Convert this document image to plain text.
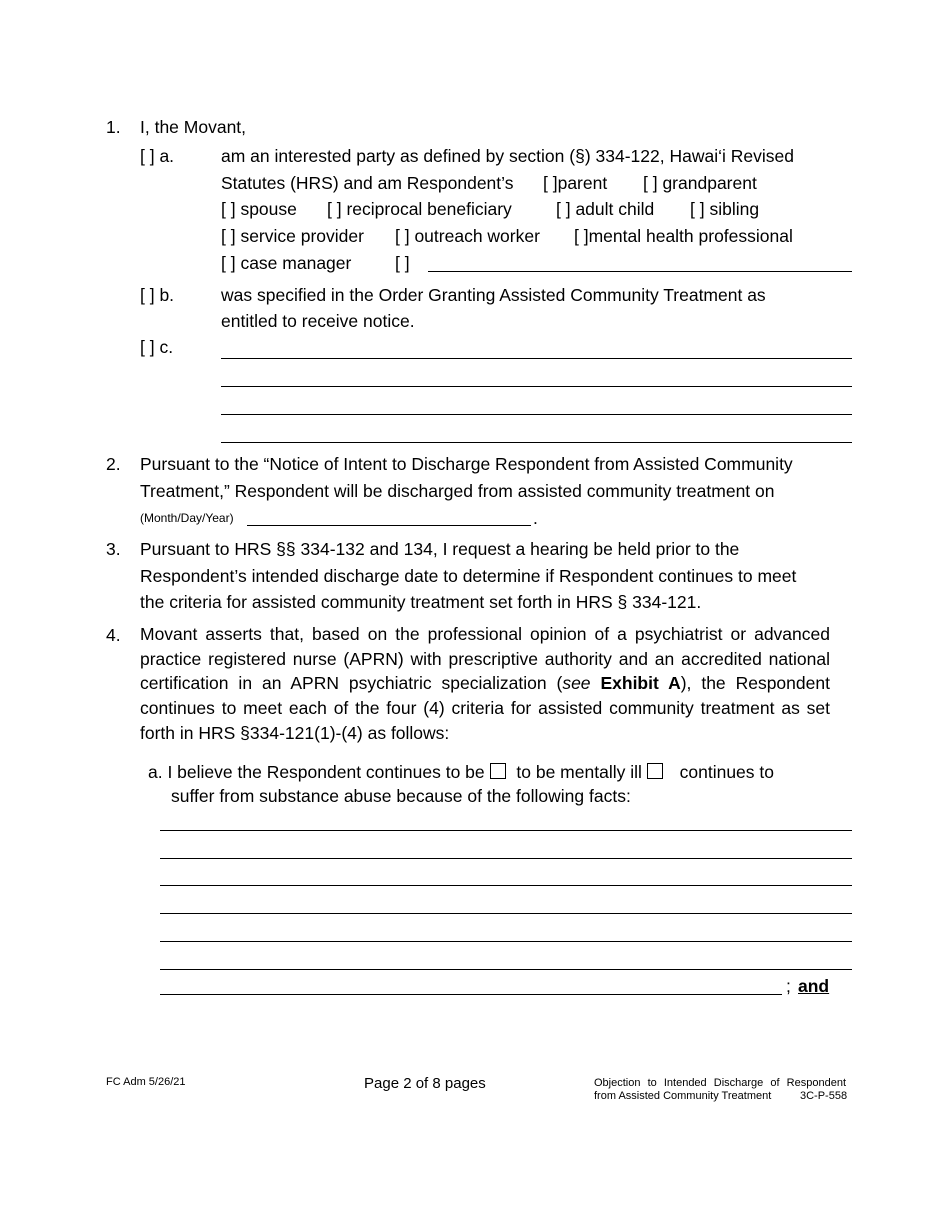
1. I, the Movant,
[ ] a.	am an interested party as defined by section (§) 334-122, Hawai‘i Revised
Statutes (HRS) and am Respondent’s [ ]parent [ ] grandparent
[ ] spouse [ ] reciprocal beneficiary	[ ] adult child [ ] sibling
[ ] service provider [ ] outreach worker [ ]mental health professional
[ ] case manager [ ]
[ ] b.	was specified in the Order Granting Assisted Community Treatment as
entitled to receive notice.
[ ] c.
2. Pursuant to the “Notice of Intent to Discharge Respondent from Assisted Community
Treatment,” Respondent will be discharged from assisted community treatment on
(Month/Day/Year)	.
3. Pursuant to HRS §§ 334-132 and 134, I request a hearing be held prior to the
Respondent’s intended discharge date to determine if Respondent continues to meet
the criteria for assisted community treatment set forth in HRS § 334-121.
4. Movant asserts that, based on the professional opinion of a psychiatrist or advanced practice registered nurse (APRN) with prescriptive authority and an accredited national certification in an APRN psychiatric specialization (see Exhibit A), the Respondent continues to meet each of the four (4) criteria for assisted community treatment as set forth in HRS §334-121(1)-(4) as follows:
a. I believe the Respondent continues to be to be mentally ill continues to
suffer from substance abuse because of the following facts:
; and
FC Adm 5/26/21	Page 2 of 8 pages	Objection to Intended Discharge of Respondent
from Assisted Community Treatment	3C-P-558
